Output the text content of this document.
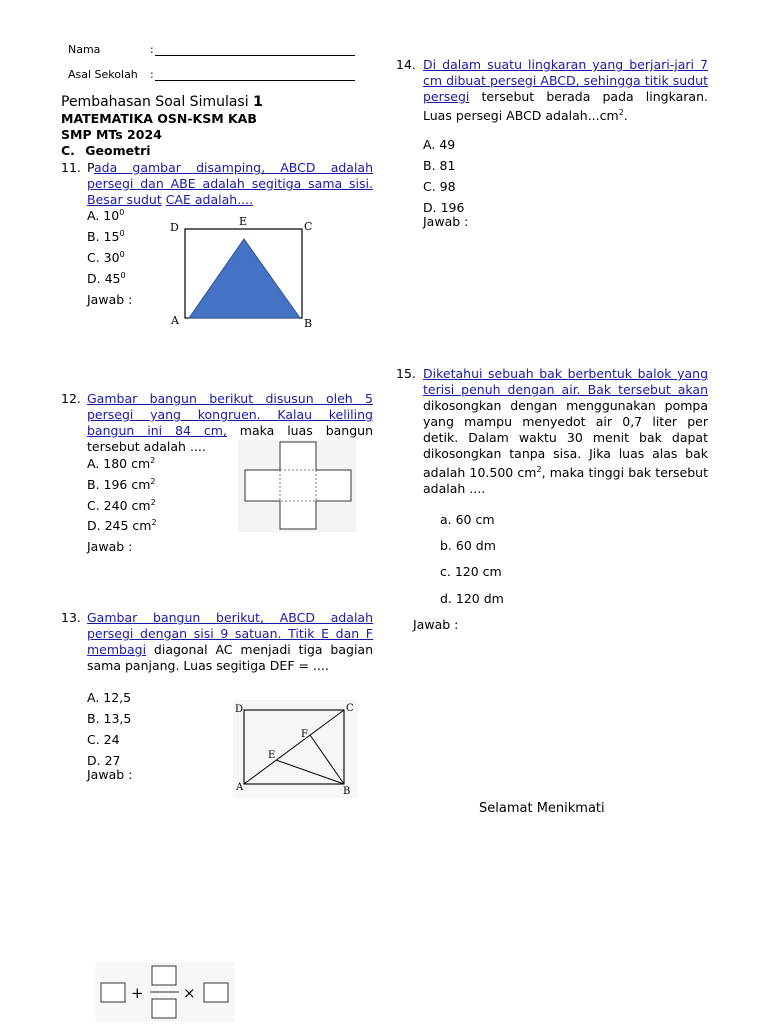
Nama	:
Asal Sekolah :
Pembahasan Soal Simulasi 1
MATEMATIKA OSN-KSM KAB
SMP MTs 2024
C. Geometri
11. Pada gambar disamping, ABCD adalah persegi dan ABE adalah segitiga sama sisi. Besar sudut CAE adalah....
A. $10^0$
B. $15^0$
C. $30^0$
D. $45^0$
Jawab :
D	E	C
A	B
12. Gambar bangun berikut disusun oleh 5 persegi yang kongruen. Kalau keliling bangun ini 84 cm, maka luas bangun tersebut adalah ....
A. 180 $cm^2$
B. 196 $cm^2$
C. 240 $cm^2$
D. 245 $cm^2$
Jawab :
13. Gambar bangun berikut, ABCD adalah persegi dengan sisi 9 satuan. Titik E dan F membagi diagonal AC menjadi tiga bagian sama panjang. Luas segitiga DEF = ....
A. 12,5
B. 13,5
C. 24
D. 27
Jawab :
D	C
F
E
A	B
14. Di dalam suatu lingkaran yang berjari-jari 7 cm dibuat persegi ABCD, sehingga titik sudut persegi tersebut berada pada lingkaran. Luas persegi ABCD $adalah...cm^2$.
A. 49
B. 81
C. 98
D. 196
Jawab :
15. Diketahui sebuah bak berbentuk balok yang terisi penuh dengan air. Bak tersebut akan dikosongkan dengan menggunakan pompa yang mampu menyedot air 0,7 liter per detik. Dalam waktu 30 menit bak dapat dikosongkan tanpa sisa. Jika luas alas bak adalah 10.500 $cm^2$, maka tinggi bak tersebut adalah ....
a. 60 cm
b. 60 dm
c. 120 cm
d. 120 dm
Jawab :
Selamat Menikmati
+	×
